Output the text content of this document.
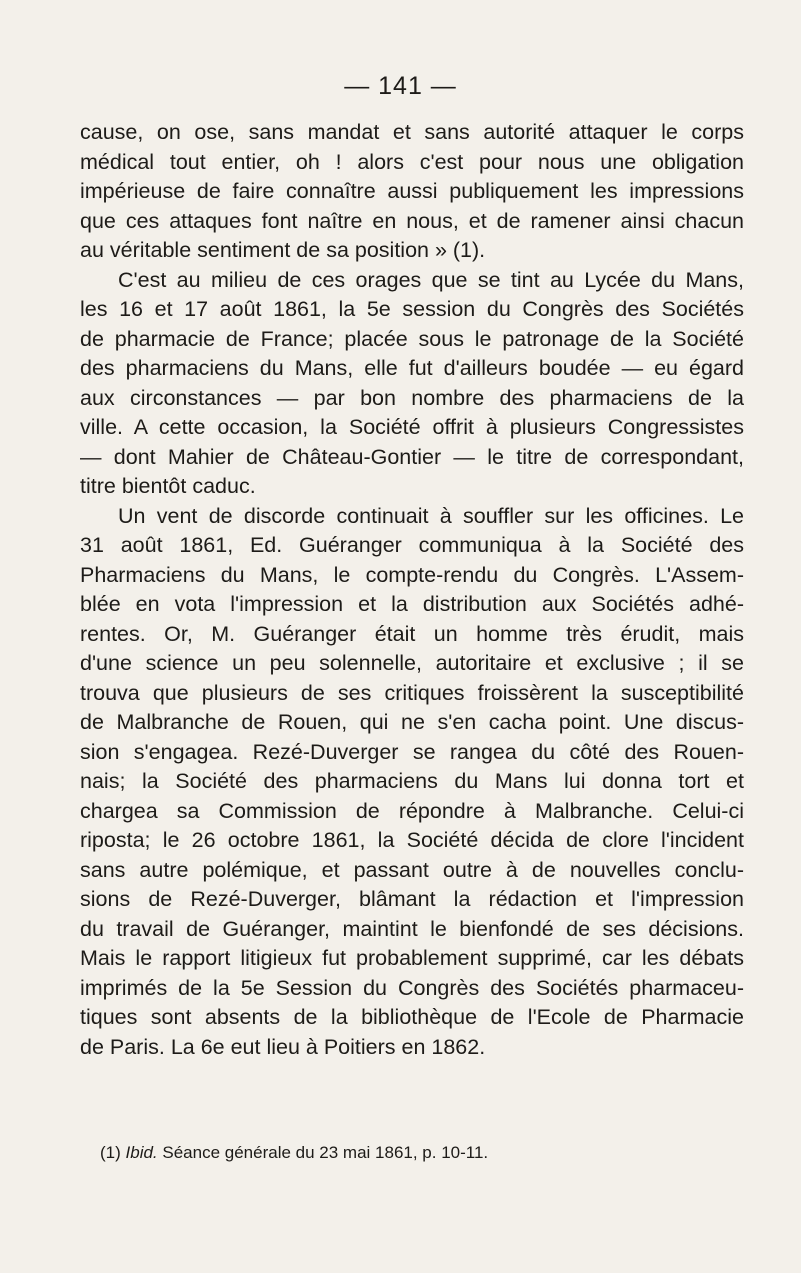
— 141 —
cause, on ose, sans mandat et sans autorité attaquer le corps
médical tout entier, oh ! alors c'est pour nous une obligation
impérieuse de faire connaître aussi publiquement les impressions
que ces attaques font naître en nous, et de ramener ainsi chacun
au véritable sentiment de sa position » (1).
C'est au milieu de ces orages que se tint au Lycée du Mans,
les 16 et 17 août 1861, la 5e session du Congrès des Sociétés
de pharmacie de France; placée sous le patronage de la Société
des pharmaciens du Mans, elle fut d'ailleurs boudée — eu égard
aux circonstances — par bon nombre des pharmaciens de la
ville. A cette occasion, la Société offrit à plusieurs Congressistes
— dont Mahier de Château-Gontier — le titre de correspondant,
titre bientôt caduc.
Un vent de discorde continuait à souffler sur les officines. Le
31 août 1861, Ed. Guéranger communiqua à la Société des
Pharmaciens du Mans, le compte-rendu du Congrès. L'Assem-
blée en vota l'impression et la distribution aux Sociétés adhé-
rentes. Or, M. Guéranger était un homme très érudit, mais
d'une science un peu solennelle, autoritaire et exclusive ; il se
trouva que plusieurs de ses critiques froissèrent la susceptibilité
de Malbranche de Rouen, qui ne s'en cacha point. Une discus-
sion s'engagea. Rezé-Duverger se rangea du côté des Rouen-
nais; la Société des pharmaciens du Mans lui donna tort et
chargea sa Commission de répondre à Malbranche. Celui-ci
riposta; le 26 octobre 1861, la Société décida de clore l'incident
sans autre polémique, et passant outre à de nouvelles conclu-
sions de Rezé-Duverger, blâmant la rédaction et l'impression
du travail de Guéranger, maintint le bienfondé de ses décisions.
Mais le rapport litigieux fut probablement supprimé, car les débats
imprimés de la 5e Session du Congrès des Sociétés pharmaceu-
tiques sont absents de la bibliothèque de l'Ecole de Pharmacie
de Paris. La 6e eut lieu à Poitiers en 1862.
(1) Ibid. Séance générale du 23 mai 1861, p. 10-11.
